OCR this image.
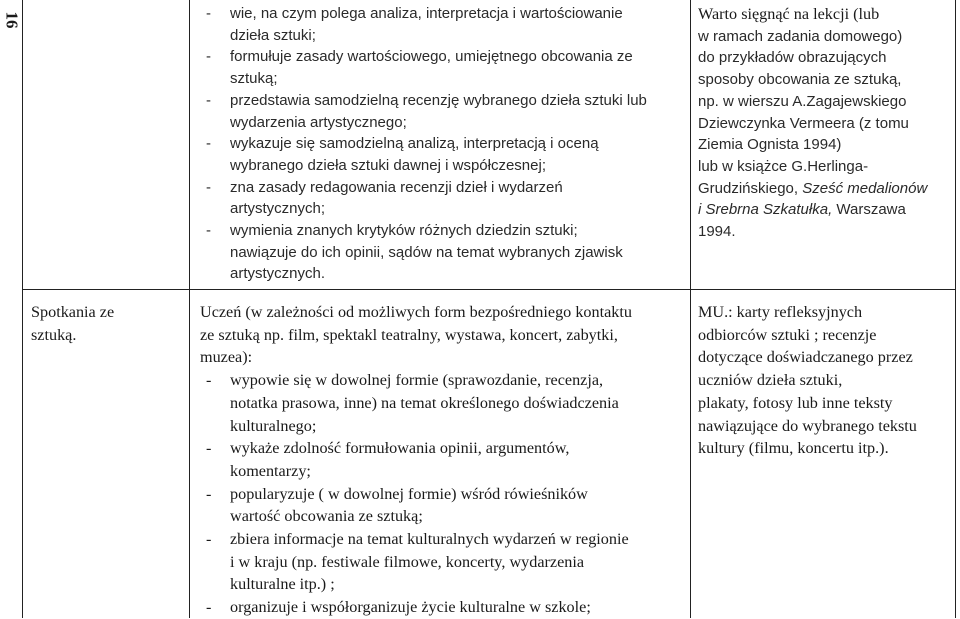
16
-	wie, na czym polega analiza, interpretacja i wartościowanie
dzieła sztuki;
- formułuje zasady wartościowego, umiejętnego obcowania ze
sztuką;
- przedstawia samodzielną recenzję wybranego dzieła sztuki lub
wydarzenia artystycznego;
- wykazuje się samodzielną analizą, interpretacją i oceną
wybranego dzieła sztuki dawnej i współczesnej;
- zna zasady redagowania recenzji dzieł i wydarzeń
artystycznych;
- wymienia znanych krytyków różnych dziedzin sztuki;
nawiązuje do ich opinii, sądów na temat wybranych zjawisk
artystycznych.
Warto sięgnąć na lekcji (lub
w ramach zadania domowego)
do przykładów obrazujących
sposoby obcowania ze sztuką,
np. w wierszu A.Zagajewskiego
Dziewczynka Vermeera (z tomu
Ziemia Ognista 1994)
lub w książce G.Herlinga-
Grudzińskiego, Sześć medalionów
i Srebrna Szkatułka, Warszawa
1994.
Spotkania ze
sztuką.
Uczeń (w zależności od możliwych form bezpośredniego kontaktu
ze sztuką np. film, spektakl teatralny, wystawa, koncert, zabytki,
muzea):
- wypowie się w dowolnej formie (sprawozdanie, recenzja,
notatka prasowa, inne) na temat określonego doświadczenia
kulturalnego;
- wykaże zdolność formułowania opinii, argumentów,
komentarzy;
- popularyzuje ( w dowolnej formie) wśród rówieśników
wartość obcowania ze sztuką;
- zbiera informacje na temat kulturalnych wydarzeń w regionie
i w kraju (np. festiwale filmowe, koncerty, wydarzenia
kulturalne itp.) ;
- organizuje i współorganizuje życie kulturalne w szkole;
MU.: karty refleksyjnych
odbiorców sztuki ; recenzje
dotyczące doświadczanego przez
uczniów dzieła sztuki,
plakaty, fotosy lub inne teksty
nawiązujące do wybranego tekstu
kultury (filmu, koncertu itp.).
